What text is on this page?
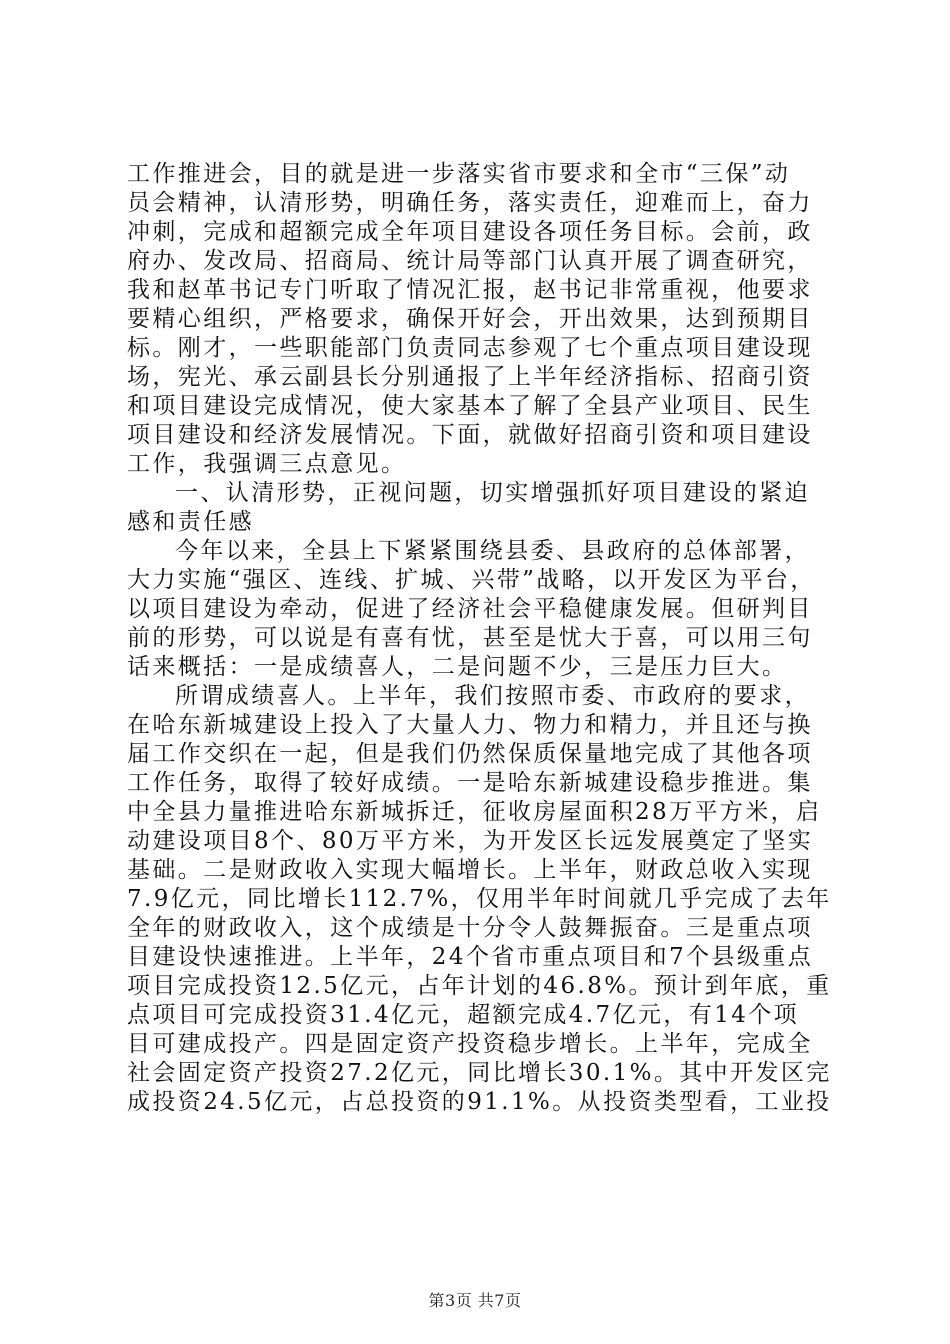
工作推进会，目的就是进一步落实省市要求和全市“三保”动

员会精神，认清形势，明确任务，落实责任，迎难而上，奋力

冲刺，完成和超额完成全年项目建设各项任务目标。会前，政

府办、发改局、招商局、统计局等部门认真开展了调查研究，

我和赵革书记专门听取了情况汇报，赵书记非常重视，他要求

要精心组织，严格要求，确保开好会，开出效果，达到预期目

标。刚才，一些职能部门负责同志参观了七个重点项目建设现

场，宪光、承云副县长分别通报了上半年经济指标、招商引资

和项目建设完成情况，使大家基本了解了全县产业项目、民生

项目建设和经济发展情况。下面，就做好招商引资和项目建设

工作，我强调三点意见。

一、认清形势，正视问题，切实增强抓好项目建设的紧迫

感和责任感

今年以来，全县上下紧紧围绕县委、县政府的总体部署，

大力实施“强区、连线、扩城、兴带”战略，以开发区为平台，

以项目建设为牵动，促进了经济社会平稳健康发展。但研判目

前的形势，可以说是有喜有忧，甚至是忧大于喜，可以用三句

话来概括：一是成绩喜人，二是问题不少，三是压力巨大。

所谓成绩喜人。上半年，我们按照市委、市政府的要求，

在哈东新城建设上投入了大量人力、物力和精力，并且还与换

届工作交织在一起，但是我们仍然保质保量地完成了其他各项

工作任务，取得了较好成绩。一是哈东新城建设稳步推进。集

中全县力量推进哈东新城拆迁，征收房屋面积28万平方米，启

动建设项目8个、80万平方米，为开发区长远发展奠定了坚实

基础。二是财政收入实现大幅增长。上半年，财政总收入实现

7.9亿元，同比增长112.7%，仅用半年时间就几乎完成了去年

全年的财政收入，这个成绩是十分令人鼓舞振奋。三是重点项

目建设快速推进。上半年，24个省市重点项目和7个县级重点

项目完成投资12.5亿元，占年计划的46.8%。预计到年底，重

点项目可完成投资31.4亿元，超额完成4.7亿元，有14个项

目可建成投产。四是固定资产投资稳步增长。上半年，完成全

社会固定资产投资27.2亿元，同比增长30.1%。其中开发区完

成投资24.5亿元，占总投资的91.1%。从投资类型看，工业投

第3页 共7页
